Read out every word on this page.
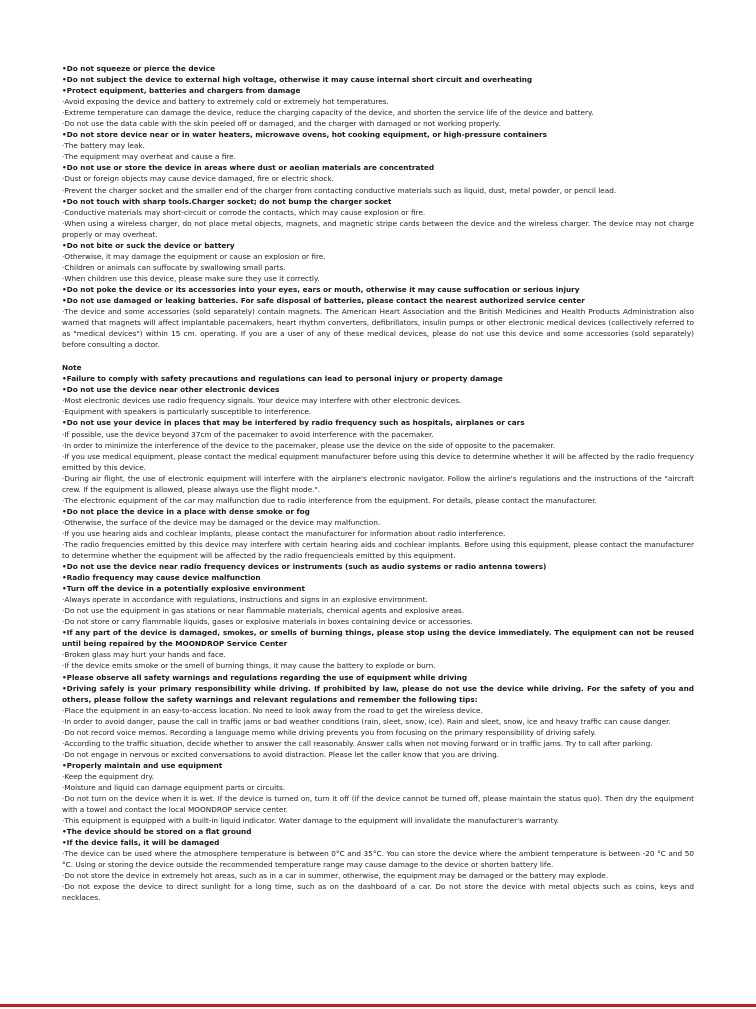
•Do not squeeze or pierce the device
•Do not subject the device to external high voltage, otherwise it may cause internal short circuit and overheating
•Protect equipment, batteries and chargers from damage
·Avoid exposing the device and battery to extremely cold or extremely hot temperatures.
·Extreme temperature can damage the device, reduce the charging capacity of the device, and shorten the service life of the device and battery.
·Do not use the data cable with the skin peeled off or damaged, and the charger with damaged or not working properly.
•Do not store device near or in water heaters, microwave ovens, hot cooking equipment, or high-pressure containers
·The battery may leak.
·The equipment may overheat and cause a fire.
•Do not use or store the device in areas where dust or aeolian materials are concentrated
·Dust or foreign objects may cause device damaged, fire or electric shock.
·Prevent the charger socket and the smaller end of the charger from contacting conductive materials such as liquid, dust, metal powder, or pencil lead.
•Do not touch with sharp tools.Charger socket; do not bump the charger socket
·Conductive materials may short-circuit or corrode the contacts, which may cause explosion or fire.
·When using a wireless charger, do not place metal objects, magnets, and magnetic stripe cards between the device and the wireless charger. The device may not charge properly or may overheat.
•Do not bite or suck the device or battery
·Otherwise, it may damage the equipment or cause an explosion or fire.
·Children or animals can suffocate by swallowing small parts.
·When children use this device, please make sure they use it correctly.
•Do not poke the device or its accessories into your eyes, ears or mouth, otherwise it may cause suffocation or serious injury
•Do not use damaged or leaking batteries. For safe disposal of batteries, please contact the nearest authorized service center
·The device and some accessories (sold separately) contain magnets. The American Heart Association and the British Medicines and Health Products Administration also warned that magnets will affect implantable pacemakers, heart rhythm converters, defibrillators, insulin pumps or other electronic medical devices (collectively referred to as "medical devices") within 15 cm. operating. If you are a user of any of these medical devices, please do not use this device and some accessories (sold separately) before consulting a doctor.
Note
•Failure to comply with safety precautions and regulations can lead to personal injury or property damage
•Do not use the device near other electronic devices
·Most electronic devices use radio frequency signals. Your device may interfere with other electronic devices.
·Equipment with speakers is particularly susceptible to interference.
•Do not use your device in places that may be interfered by radio frequency such as hospitals, airplanes or cars
·If possible, use the device beyond 37cm of the pacemaker to avoid interference with the pacemaker.
·In order to minimize the interference of the device to the pacemaker, please use the device on the side of opposite to the pacemaker.
·If you use medical equipment, please contact the medical equipment manufacturer before using this device to determine whether it will be affected by the radio frequency emitted by this device.
·During air flight, the use of electronic equipment will interfere with the airplane's electronic navigator. Follow the airline's regulations and the instructions of the "aircraft crew. If the equipment is allowed, please always use the flight mode.".
·The electronic equipment of the car may malfunction due to radio interference from the equipment. For details, please contact the manufacturer.
•Do not place the device in a place with dense smoke or fog
·Otherwise, the surface of the device may be damaged or the device may malfunction.
·If you use hearing aids and cochlear implants, please contact the manufacturer for information about radio interference.
·The radio frequencies emitted by this device may interfere with certain hearing aids and cochlear implants. Before using this equipment, please contact the manufacturer to determine whether the equipment will be affected by the radio frequencieals emitted by this equipment.
•Do not use the device near radio frequency devices or instruments (such as audio systems or radio antenna towers)
•Radio frequency may cause device malfunction
•Turn off the device in a potentially explosive environment
·Always operate in accordance with regulations, instructions and signs in an explosive environment.
·Do not use the equipment in gas stations or near flammable materials, chemical agents and explosive areas.
·Do not store or carry flammable liquids, gases or explosive materials in boxes containing device or accessories.
•If any part of the device is damaged, smokes, or smells of burning things, please stop using the device immediately. The equipment can not be reused until being repaired by the MOONDROP Service Center
·Broken glass may hurt your hands and face.
·If the device emits smoke or the smell of burning things, it may cause the battery to explode or burn.
•Please observe all safety warnings and regulations regarding the use of equipment while driving
•Driving safely is your primary responsibility while driving. If prohibited by law, please do not use the device while driving. For the safety of you and others, please follow the safety warnings and relevant regulations and remember the following tips:
·Place the equipment in an easy-to-access location. No need to look away from the road to get the wireless device.
·In order to avoid danger, pause the call in traffic jams or bad weather conditions (rain, sleet, snow, ice). Rain and sleet, snow, ice and heavy traffic can cause danger.
·Do not record voice memos. Recording a language memo while driving prevents you from focusing on the primary responsibility of driving safely.
·According to the traffic situation, decide whether to answer the call reasonably. Answer calls when not moving forward or in traffic jams. Try to call after parking.
·Do not engage in nervous or excited conversations to avoid distraction. Please let the caller know that you are driving.
•Properly maintain and use equipment
·Keep the equipment dry.
·Moisture and liquid can damage equipment parts or circuits.
·Do not turn on the device when it is wet. If the device is turned on, turn it off (if the device cannot be turned off, please maintain the status quo). Then dry the equipment with a towel and contact the local MOONDROP service center.
·This equipment is equipped with a built-in liquid indicator. Water damage to the equipment will invalidate the manufacturer's warranty.
•The device should be stored on a flat ground
•If the device falls, it will be damaged
·The device can be used where the atmosphere temperature is between 0°C and 35°C. You can store the device where the ambient temperature is between -20 °C and 50 °C. Using or storing the device outside the recommended temperature range may cause damage to the device or shorten battery life.
·Do not store the device in extremely hot areas, such as in a car in summer, otherwise, the equipment may be damaged or the battery may explode.
·Do not expose the device to direct sunlight for a long time, such as on the dashboard of a car. Do not store the device with metal objects such as coins, keys and necklaces.
